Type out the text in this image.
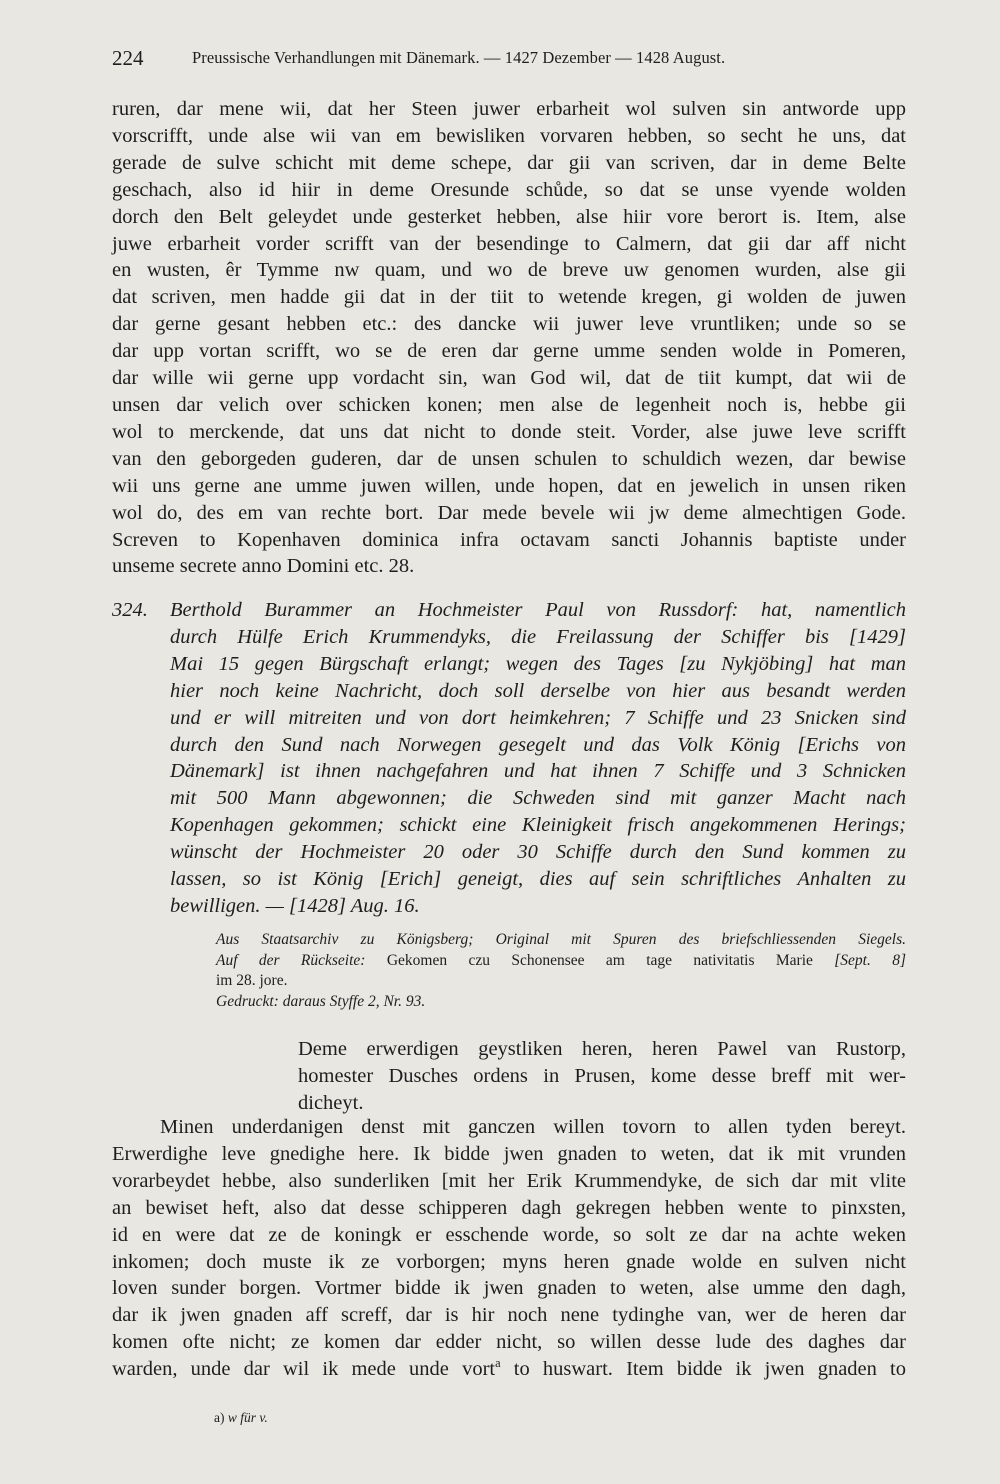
224	Preussische Verhandlungen mit Dänemark. — 1427 Dezember — 1428 August.
ruren, dar mene wii, dat her Steen juwer erbarheit wol sulven sin antworde upp
vorscrifft, unde alse wii van em bewisliken vorvaren hebben, so secht he uns, dat
gerade de sulve schicht mit deme schepe, dar gii van scriven, dar in deme Belte
geschach, also id hiir in deme Oresunde schůde, so dat se unse vyende wolden
dorch den Belt geleydet unde gesterket hebben, alse hiir vore berort is. Item, alse
juwe erbarheit vorder scrifft van der besendinge to Calmern, dat gii dar aff nicht
en wusten, êr Tymme nw quam, und wo de breve uw genomen wurden, alse gii
dat scriven, men hadde gii dat in der tiit to wetende kregen, gi wolden de juwen
dar gerne gesant hebben etc.: des dancke wii juwer leve vruntliken; unde so se
dar upp vortan scrifft, wo se de eren dar gerne umme senden wolde in Pomeren,
dar wille wii gerne upp vordacht sin, wan God wil, dat de tiit kumpt, dat wii de
unsen dar velich over schicken konen; men alse de legenheit noch is, hebbe gii
wol to merckende, dat uns dat nicht to donde steit. Vorder, alse juwe leve scrifft
van den geborgeden guderen, dar de unsen schulen to schuldich wezen, dar bewise
wii uns gerne ane umme juwen willen, unde hopen, dat en jewelich in unsen riken
wol do, des em van rechte bort. Dar mede bevele wii jw deme almechtigen Gode.
Screven to Kopenhaven dominica infra octavam sancti Johannis baptiste under
unseme secrete anno Domini etc. 28.
324.	Berthold Burammer an Hochmeister Paul von Russdorf: hat, namentlich
durch Hülfe Erich Krummendyks, die Freilassung der Schiffer bis [1429]
Mai 15 gegen Bürgschaft erlangt; wegen des Tages [zu Nykjöbing] hat man
hier noch keine Nachricht, doch soll derselbe von hier aus besandt werden
und er will mitreiten und von dort heimkehren; 7 Schiffe und 23 Snicken sind
durch den Sund nach Norwegen gesegelt und das Volk König [Erichs von
Dänemark] ist ihnen nachgefahren und hat ihnen 7 Schiffe und 3 Schnicken
mit 500 Mann abgewonnen; die Schweden sind mit ganzer Macht nach
Kopenhagen gekommen; schickt eine Kleinigkeit frisch angekommenen Herings;
wünscht der Hochmeister 20 oder 30 Schiffe durch den Sund kommen zu
lassen, so ist König [Erich] geneigt, dies auf sein schriftliches Anhalten zu
bewilligen. — [1428] Aug. 16.
Aus Staatsarchiv zu Königsberg; Original mit Spuren des briefschliessenden Siegels.
Auf der Rückseite: Gekomen czu Schonensee am tage nativitatis Marie [Sept. 8]
im 28. jore.
Gedruckt: daraus Styffe 2, Nr. 93.
Deme erwerdigen geystliken heren, heren Pawel van Rustorp,
homester Dusches ordens in Prusen, kome desse breff mit wer-
dicheyt.
Minen underdanigen denst mit ganczen willen tovorn to allen tyden bereyt.
Erwerdighe leve gnedighe here. Ik bidde jwen gnaden to weten, dat ik mit vrunden
vorarbeydet hebbe, also sunderliken [mit her Erik Krummendyke, de sich dar mit vlite
an bewiset heft, also dat desse schipperen dagh gekregen hebben wente to pinxsten,
id en were dat ze de koningk er esschende worde, so solt ze dar na achte weken
inkomen; doch muste ik ze vorborgen; myns heren gnade wolde en sulven nicht
loven sunder borgen. Vortmer bidde ik jwen gnaden to weten, alse umme den dagh,
dar ik jwen gnaden aff screff, dar is hir noch nene tydinghe van, wer de heren dar
komen ofte nicht; ze komen dar edder nicht, so willen desse lude des daghes dar
warden, unde dar wil ik mede unde vort$^a$ to huswart. Item bidde ik jwen gnaden to
a) w für v.
